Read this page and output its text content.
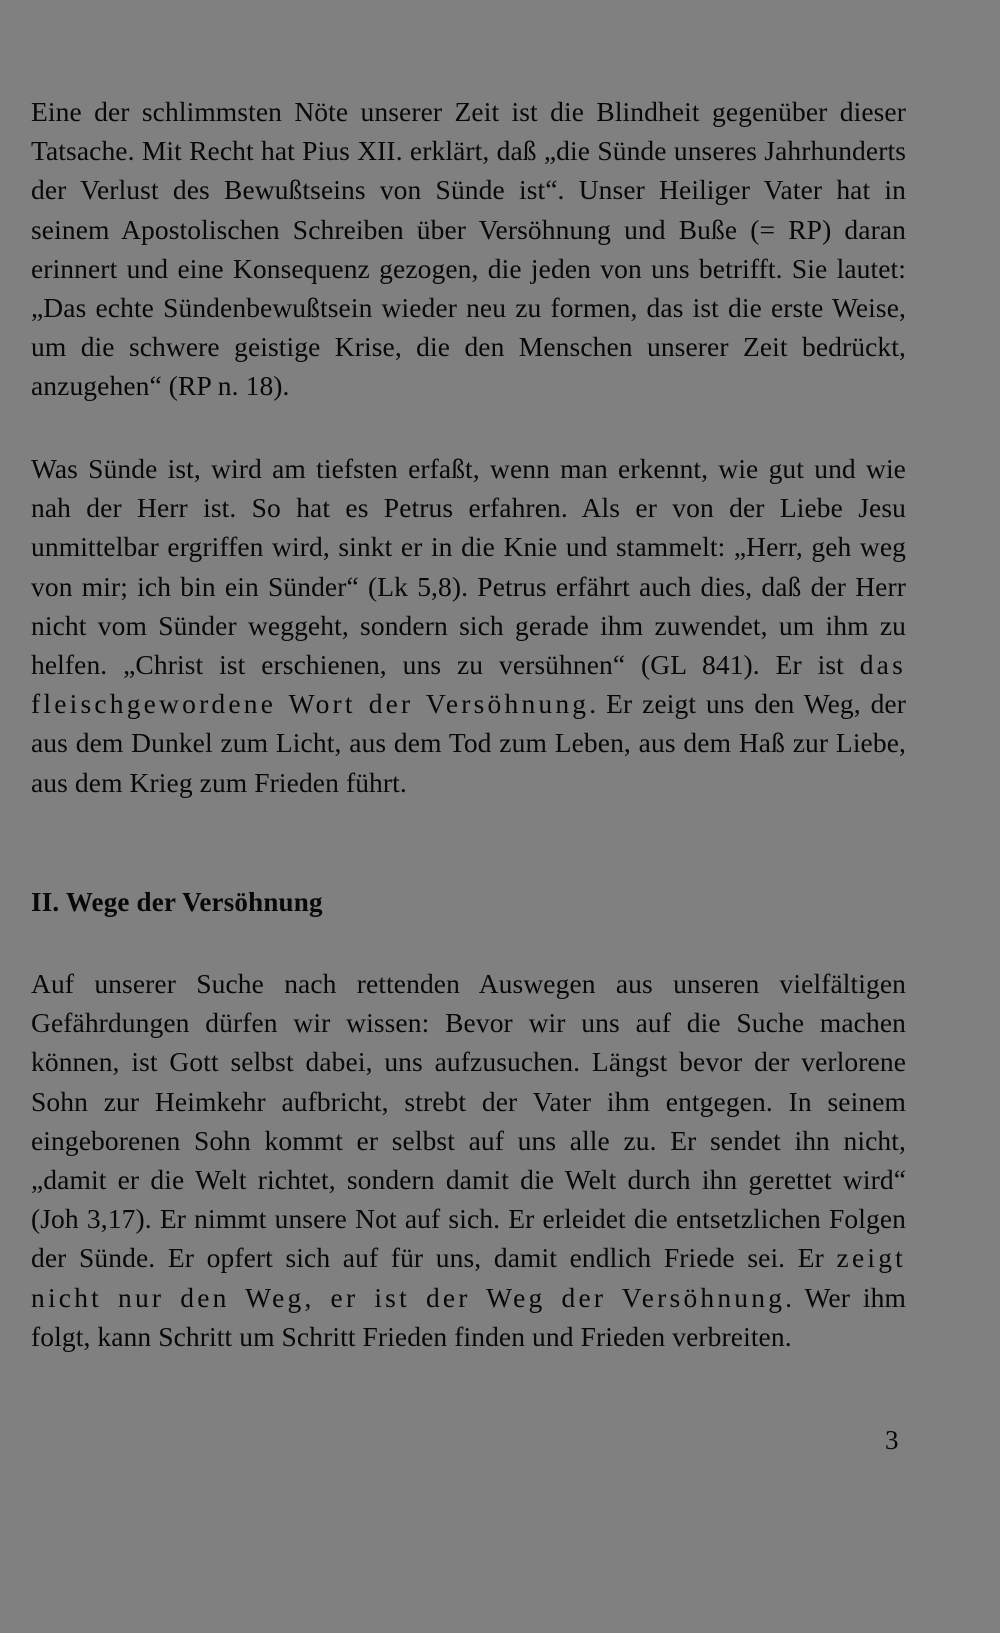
Eine der schlimmsten Nöte unserer Zeit ist die Blindheit gegenüber dieser Tatsache. Mit Recht hat Pius XII. erklärt, daß „die Sünde unseres Jahrhunderts der Verlust des Bewußtseins von Sünde ist“. Unser Heiliger Vater hat in seinem Apostolischen Schreiben über Versöhnung und Buße (= RP) daran erinnert und eine Konsequenz gezogen, die jeden von uns betrifft. Sie lautet: „Das echte Sündenbewußtsein wieder neu zu formen, das ist die erste Weise, um die schwere geistige Krise, die den Menschen unserer Zeit bedrückt, anzugehen“ (RP n. 18).

Was Sünde ist, wird am tiefsten erfaßt, wenn man erkennt, wie gut und wie nah der Herr ist. So hat es Petrus erfahren. Als er von der Liebe Jesu unmittelbar ergriffen wird, sinkt er in die Knie und stammelt: „Herr, geh weg von mir; ich bin ein Sünder“ (Lk 5,8). Petrus erfährt auch dies, daß der Herr nicht vom Sünder weggeht, sondern sich gerade ihm zuwendet, um ihm zu helfen. „Christ ist erschienen, uns zu versühnen“ (GL 841). Er ist das fleischgewordene Wort der Versöhnung. Er zeigt uns den Weg, der aus dem Dunkel zum Licht, aus dem Tod zum Leben, aus dem Haß zur Liebe, aus dem Krieg zum Frieden führt.

II. Wege der Versöhnung

Auf unserer Suche nach rettenden Auswegen aus unseren vielfältigen Gefährdungen dürfen wir wissen: Bevor wir uns auf die Suche machen können, ist Gott selbst dabei, uns aufzusuchen. Längst bevor der verlorene Sohn zur Heimkehr aufbricht, strebt der Vater ihm entgegen. In seinem eingeborenen Sohn kommt er selbst auf uns alle zu. Er sendet ihn nicht, „damit er die Welt richtet, sondern damit die Welt durch ihn gerettet wird“ (Joh 3,17). Er nimmt unsere Not auf sich. Er erleidet die entsetzlichen Folgen der Sünde. Er opfert sich auf für uns, damit endlich Friede sei. Er zeigt nicht nur den Weg, er ist der Weg der Versöhnung. Wer ihm folgt, kann Schritt um Schritt Frieden finden und Frieden verbreiten.

3
